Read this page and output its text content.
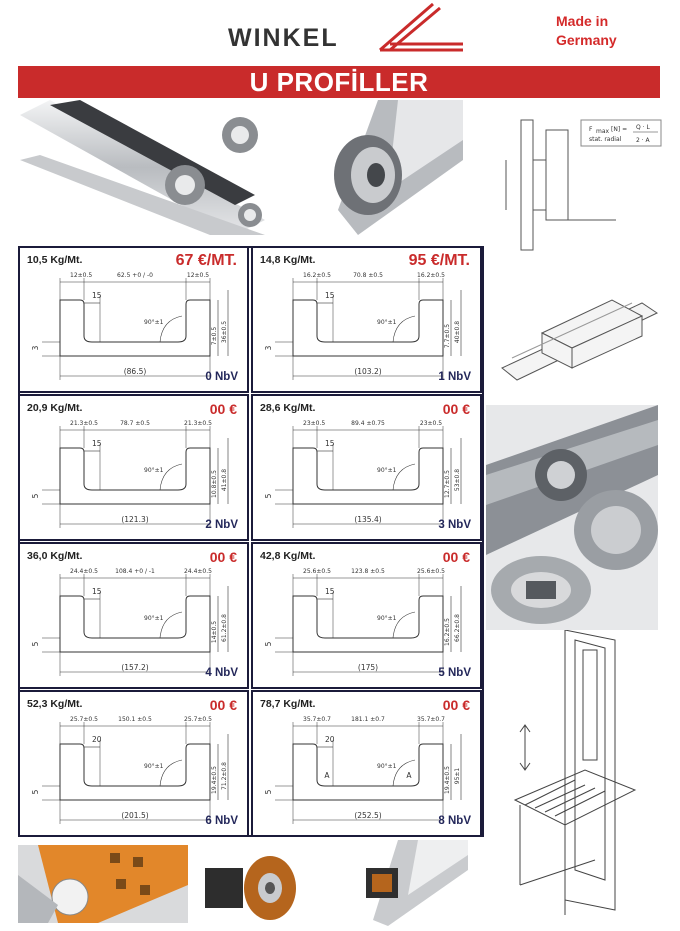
WINKEL
Made in Germany
U PROFİLLER
F max [N] =
stat. radial
Q · L
2 · A
12±0.5	62.5 +0 / -0	12±0.5
15
90°±1
7±0.5 36±0.5
3
(86.5)
10,5 Kg/Mt.	67 €/MT.
0 NbV
16.2±0.5	70.8 ±0.5	16.2±0.5
15
90°±1
7.7±0.5 40±0.8
3
(103.2)
14,8 Kg/Mt.	95 €/MT.
1 NbV
21.3±0.5	78.7 ±0.5	21.3±0.5
15
90°±1	10.8±0.5 41±0.8
5
(121.3)
20,9 Kg/Mt.	00 €
2 NbV
23±0.5	89.4 ±0.75	23±0.5
15
90°±1	12.7±0.5 53±0.8
5
(135.4)
28,6 Kg/Mt.	00 €
3 NbV
24.4±0.5	108.4 +0 / -1	24.4±0.5
15
90°±1
14±0.5 61.2±0.8
5
(157.2)
36,0 Kg/Mt.	00 €
4 NbV
25.6±0.5	123.8 ±0.5	25.6±0.5
15
90°±1	16.2±0.5 66.2±0.8
5
(175)
42,8 Kg/Mt.	00 €
5 NbV
25.7±0.5	150.1 ±0.5	25.7±0.5
20
90°±1	19.4±0.5 71.2±0.8
5
(201.5)
52,3 Kg/Mt.	00 €
6 NbV
35.7±0.7	181.1 ±0.7	35.7±0.7
20
90°±1	19.4±0.5 95±1
5
(252.5)
A	A
78,7 Kg/Mt.	00 €
8 NbV
